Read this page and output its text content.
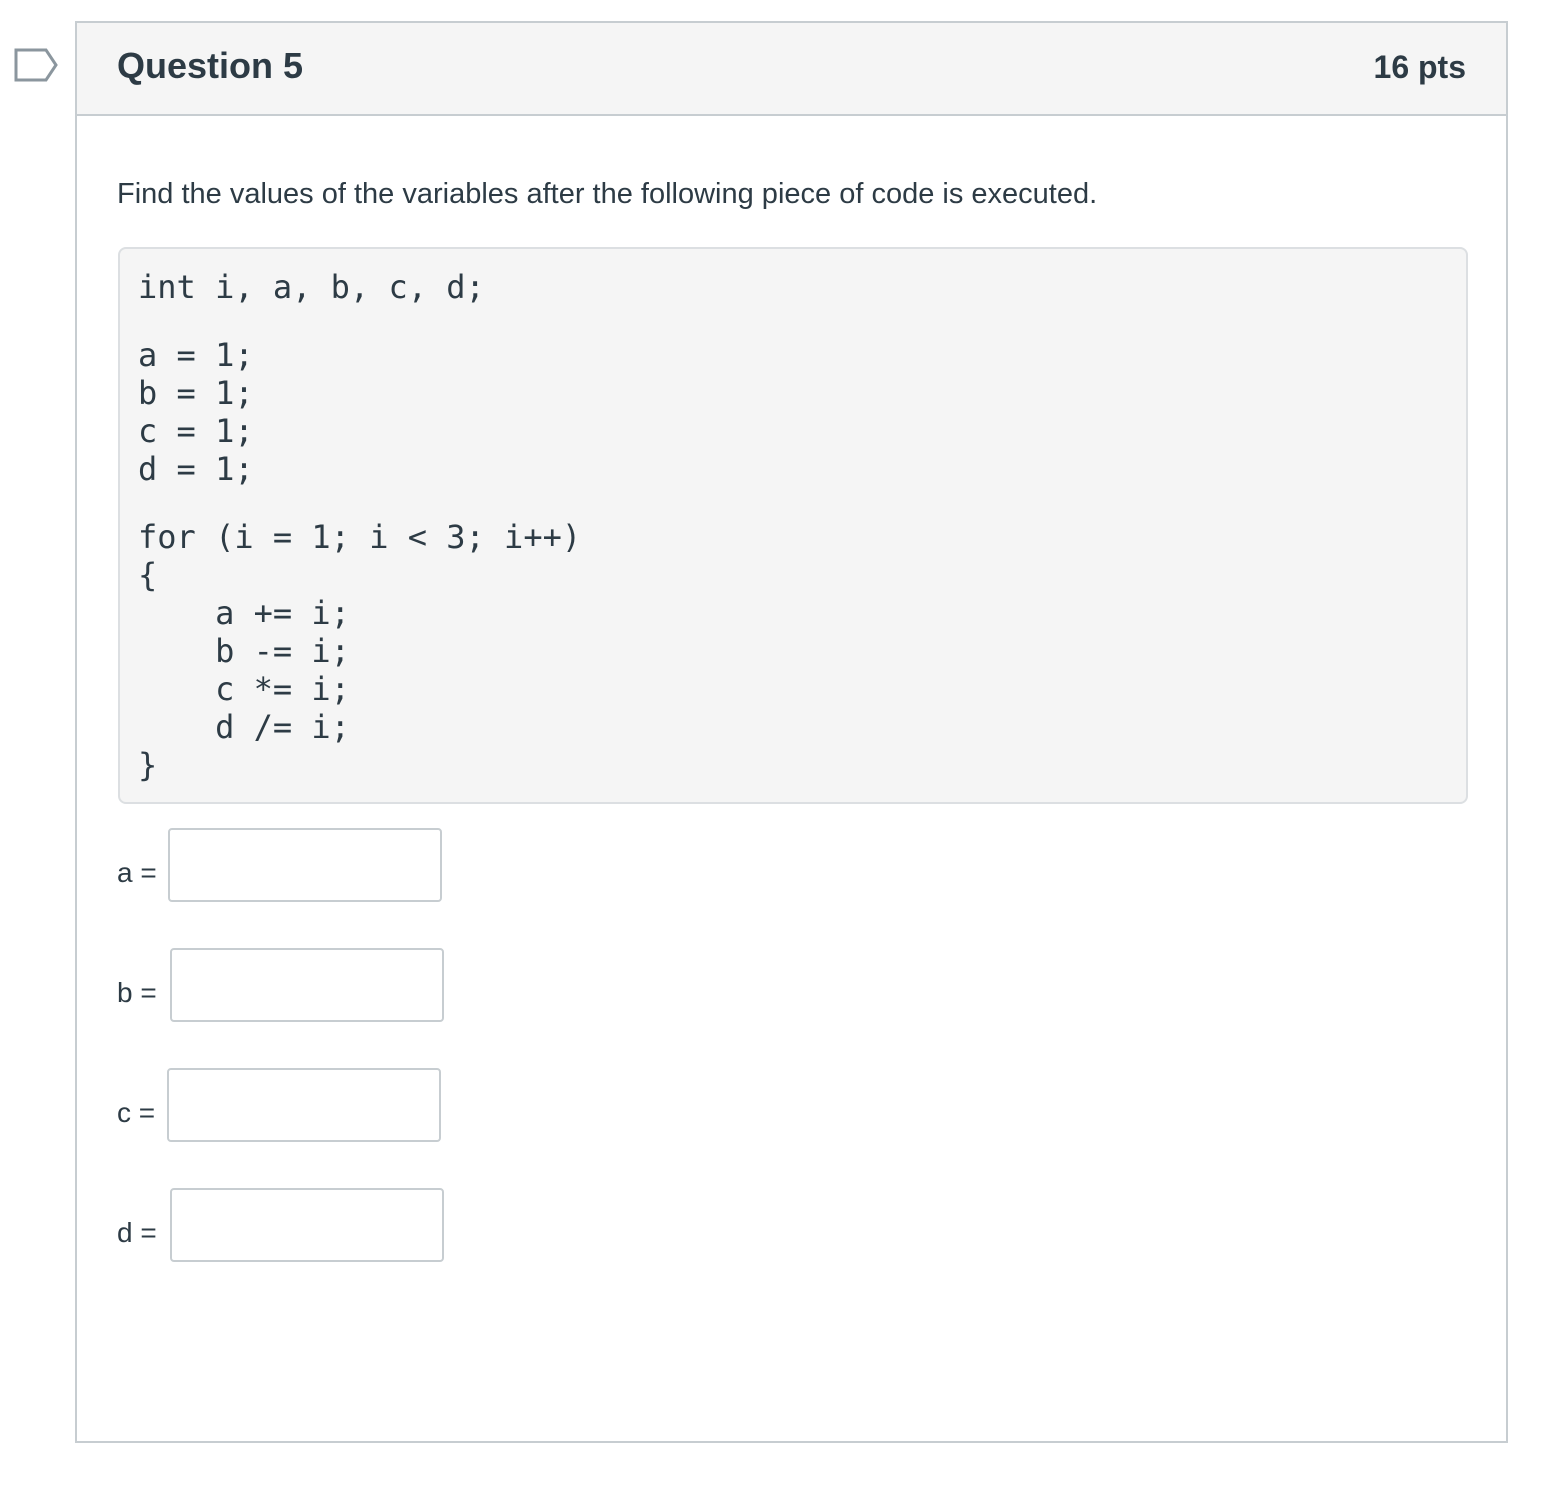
Question 5	16 pts
Find the values of the variables after the following piece of code is executed.
int i, a, b, c, d;
a = 1;
b = 1;
c = 1;
d = 1;
for (i = 1; i < 3; i++)
{
a += i;
b -= i;
c *= i;
d /= i;
}
a =
b =
c =
d =
